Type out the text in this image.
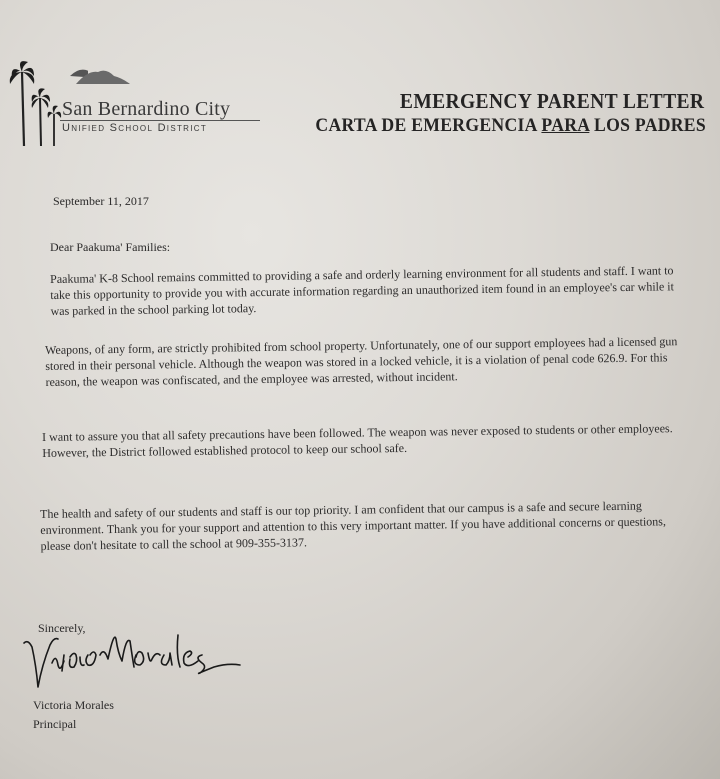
San Bernardino City
Unified School District
EMERGENCY PARENT LETTER
CARTA DE EMERGENCIA PARA LOS PADRES
September 11, 2017
Dear Paakuma' Families:
Paakuma' K-8 School remains committed to providing a safe and orderly learning environment for all students and staff. I want to take this opportunity to provide you with accurate information regarding an unauthorized item found in an employee's car while it was parked in the school parking lot today.
Weapons, of any form, are strictly prohibited from school property. Unfortunately, one of our support employees had a licensed gun stored in their personal vehicle. Although the weapon was stored in a locked vehicle, it is a violation of penal code 626.9. For this reason, the weapon was confiscated, and the employee was arrested, without incident.
I want to assure you that all safety precautions have been followed. The weapon was never exposed to students or other employees. However, the District followed established protocol to keep our school safe.
The health and safety of our students and staff is our top priority. I am confident that our campus is a safe and secure learning environment. Thank you for your support and attention to this very important matter. If you have additional concerns or questions, please don't hesitate to call the school at 909-355-3137.
Sincerely,
Victoria Morales
Principal
